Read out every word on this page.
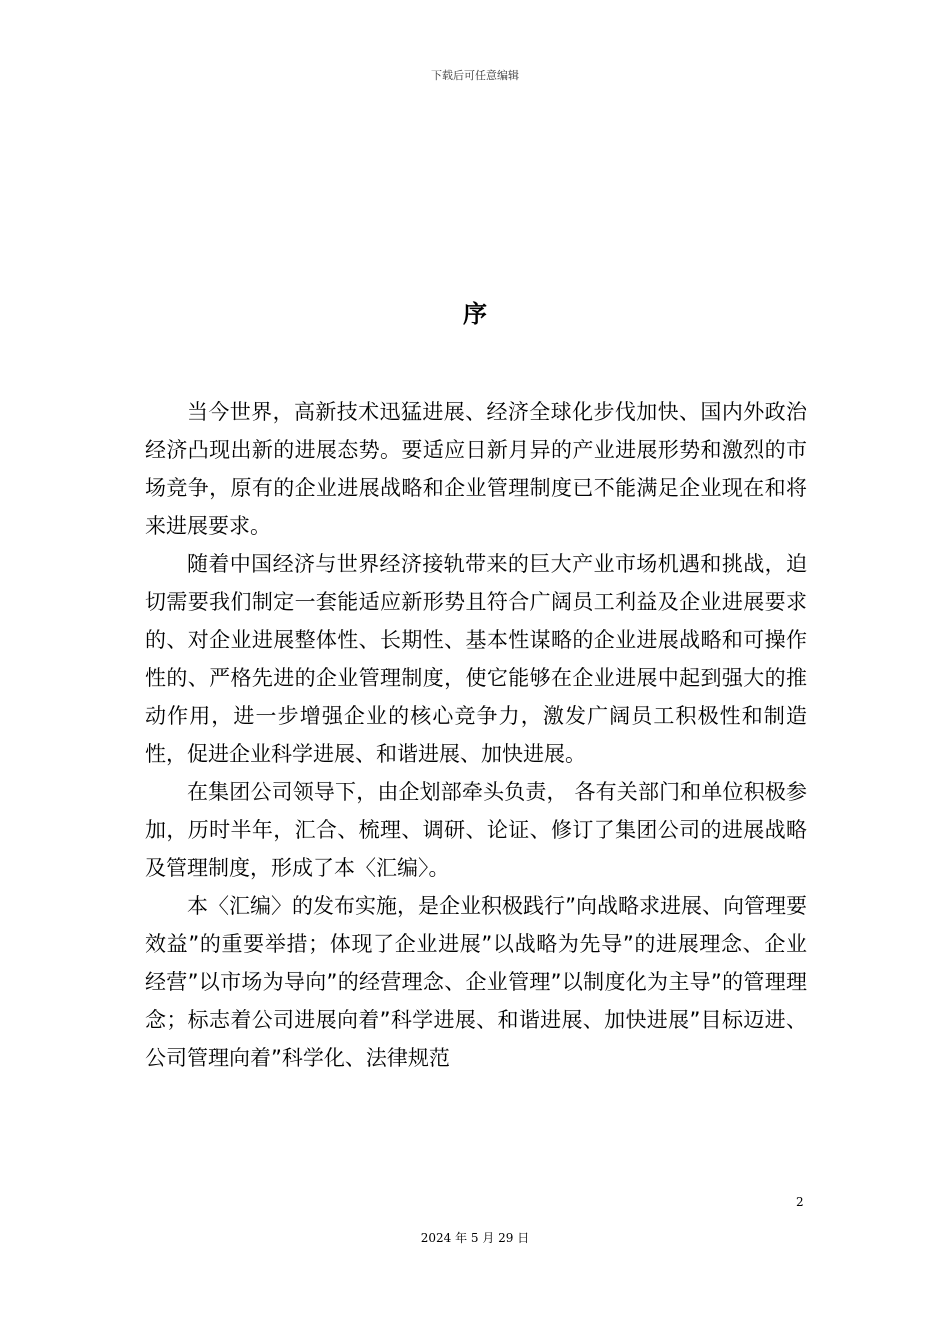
下载后可任意编辑
序

当今世界，高新技术迅猛进展、经济全球化步伐加快、国内外政治经济凸现出新的进展态势。要适应日新月异的产业进展形势和激烈的市场竞争，原有的企业进展战略和企业管理制度已不能满足企业现在和将来进展要求。

随着中国经济与世界经济接轨带来的巨大产业市场机遇和挑战，迫切需要我们制定一套能适应新形势且符合广阔员工利益及企业进展要求的、对企业进展整体性、长期性、基本性谋略的企业进展战略和可操作性的、严格先进的企业管理制度，使它能够在企业进展中起到强大的推动作用，进一步增强企业的核心竞争力，激发广阔员工积极性和制造性，促进企业科学进展、和谐进展、加快进展。

在集团公司领导下，由企划部牵头负责， 各有关部门和单位积极参加，历时半年，汇合、梳理、调研、论证、修订了集团公司的进展战略及管理制度，形成了本〈汇编〉。

本〈汇编〉的发布实施，是企业积极践行”向战略求进展、向管理要效益”的重要举措；体现了企业进展”以战略为先导”的进展理念、企业经营”以市场为导向”的经营理念、企业管理”以制度化为主导”的管理理念；标志着公司进展向着”科学进展、和谐进展、加快进展”目标迈进、公司管理向着”科学化、法律规范

2
2024 年 5 月 29 日
